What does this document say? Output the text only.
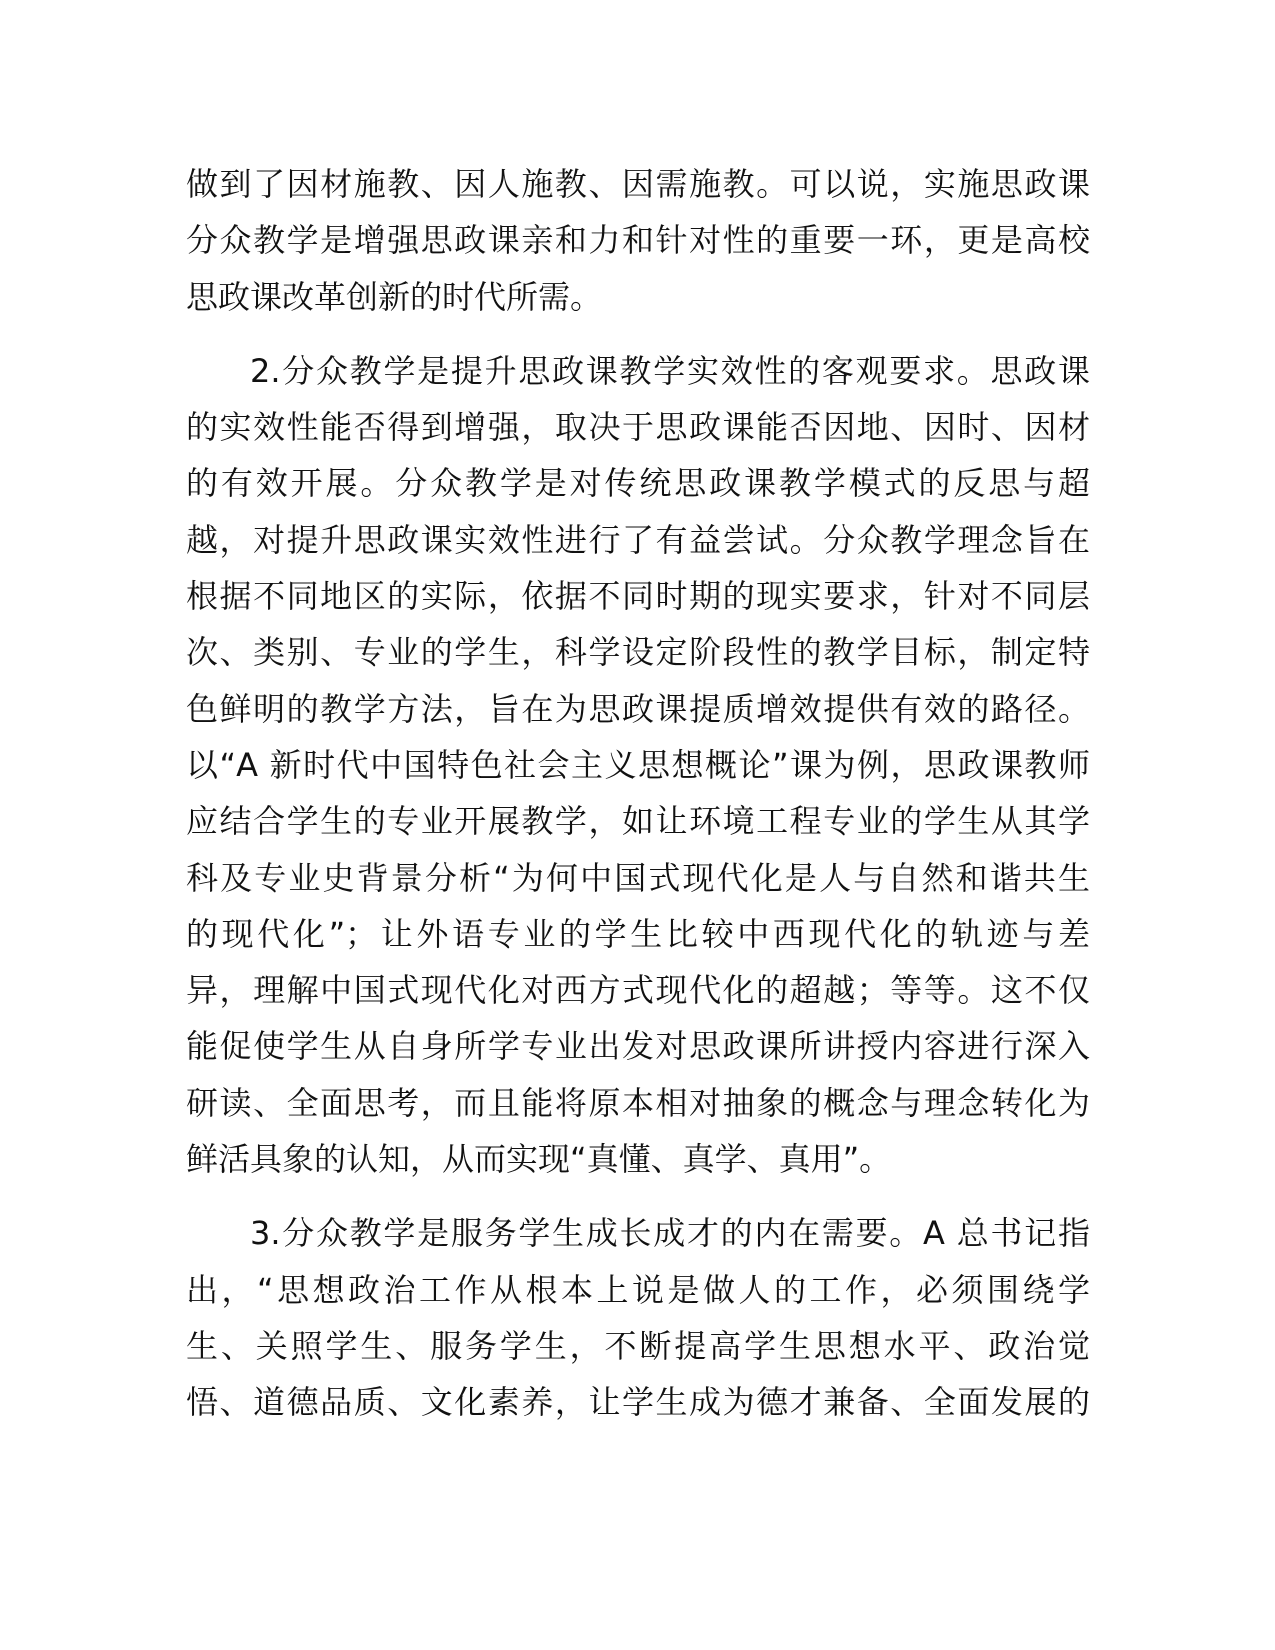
做到了因材施教、因人施教、因需施教。可以说，实施思政课
分众教学是增强思政课亲和力和针对性的重要一环，更是高校
思政课改革创新的时代所需。

2.分众教学是提升思政课教学实效性的客观要求。思政课
的实效性能否得到增强，取决于思政课能否因地、因时、因材
的有效开展。分众教学是对传统思政课教学模式的反思与超
越，对提升思政课实效性进行了有益尝试。分众教学理念旨在
根据不同地区的实际，依据不同时期的现实要求，针对不同层
次、类别、专业的学生，科学设定阶段性的教学目标，制定特
色鲜明的教学方法，旨在为思政课提质增效提供有效的路径。
以“A 新时代中国特色社会主义思想概论”课为例，思政课教师
应结合学生的专业开展教学，如让环境工程专业的学生从其学
科及专业史背景分析“为何中国式现代化是人与自然和谐共生
的现代化”；让外语专业的学生比较中西现代化的轨迹与差
异，理解中国式现代化对西方式现代化的超越；等等。这不仅
能促使学生从自身所学专业出发对思政课所讲授内容进行深入
研读、全面思考，而且能将原本相对抽象的概念与理念转化为
鲜活具象的认知，从而实现“真懂、真学、真用”。

3.分众教学是服务学生成长成才的内在需要。A 总书记指
出，“思想政治工作从根本上说是做人的工作，必须围绕学
生、关照学生、服务学生，不断提高学生思想水平、政治觉
悟、道德品质、文化素养，让学生成为德才兼备、全面发展的
